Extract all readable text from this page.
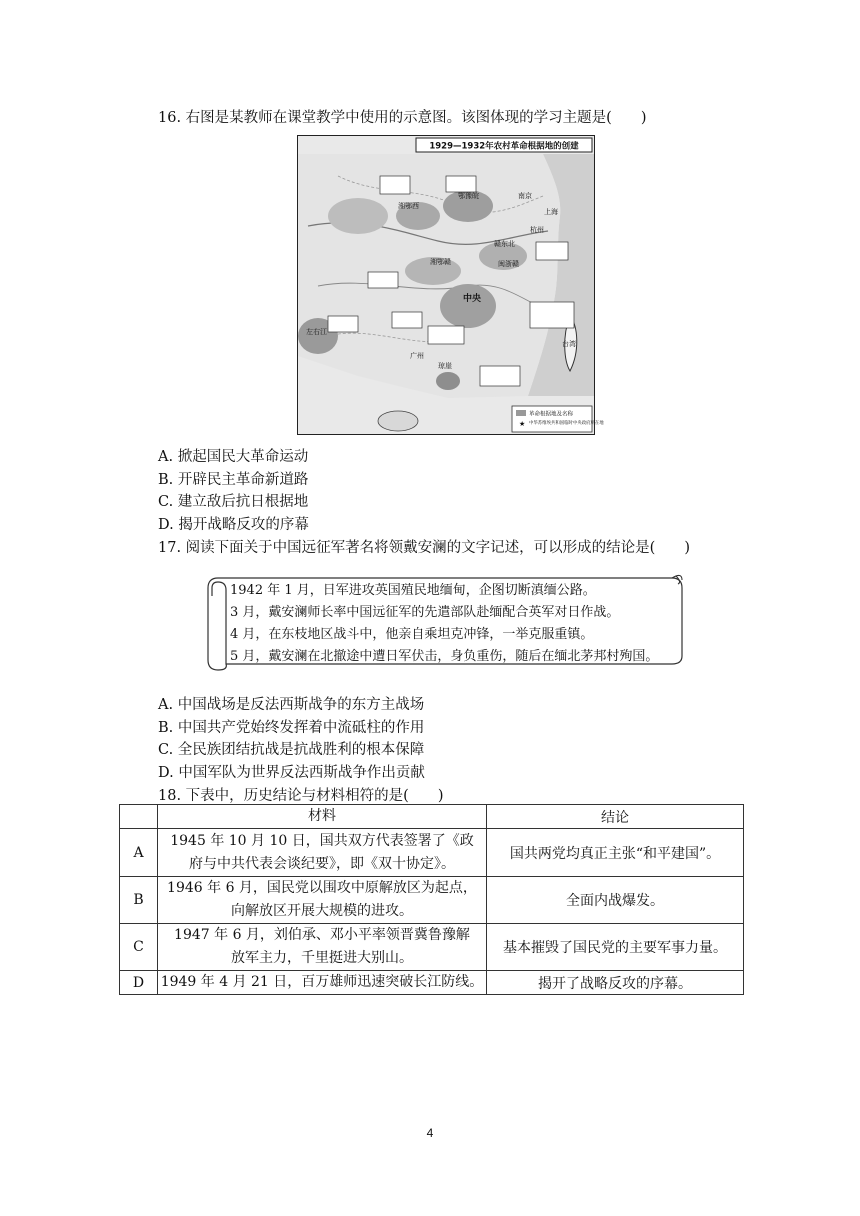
16. 右图是某教师在课堂教学中使用的示意图。该图体现的学习主题是(　　)
1929—1932年农村革命根据地的创建
湘鄂西
鄂豫皖
湘鄂赣
赣东北
闽浙赣
中央
左右江
琼崖
南京
上海
杭州
广州
台湾
革命根据地及名称
★ 中华苏维埃共和国临时中央政府所在地
A. 掀起国民大革命运动
B. 开辟民主革命新道路
C. 建立敌后抗日根据地
D. 揭开战略反攻的序幕
17. 阅读下面关于中国远征军著名将领戴安澜的文字记述，可以形成的结论是(　　)
1942 年 1 月，日军进攻英国殖民地缅甸，企图切断滇缅公路。
3 月，戴安澜师长率中国远征军的先遣部队赴缅配合英军对日作战。
4 月，在东枝地区战斗中，他亲自乘坦克冲锋，一举克服重镇。
5 月，戴安澜在北撤途中遭日军伏击，身负重伤，随后在缅北茅邦村殉国。
A. 中国战场是反法西斯战争的东方主战场
B. 中国共产党始终发挥着中流砥柱的作用
C. 全民族团结抗战是抗战胜利的根本保障
D. 中国军队为世界反法西斯战争作出贡献
18. 下表中，历史结论与材料相符的是(　　)
	材料	结论
A	1945 年 10 月 10 日，国共双方代表签署了《政
府与中共代表会谈纪要》，即《双十协定》。	国共两党均真正主张“和平建国”。
B	1946 年 6 月，国民党以围攻中原解放区为起点，
向解放区开展大规模的进攻。	全面内战爆发。
C	1947 年 6 月，刘伯承、邓小平率领晋冀鲁豫解
放军主力，千里挺进大别山。	基本摧毁了国民党的主要军事力量。
D	1949 年 4 月 21 日，百万雄师迅速突破长江防线。	揭开了战略反攻的序幕。
4
